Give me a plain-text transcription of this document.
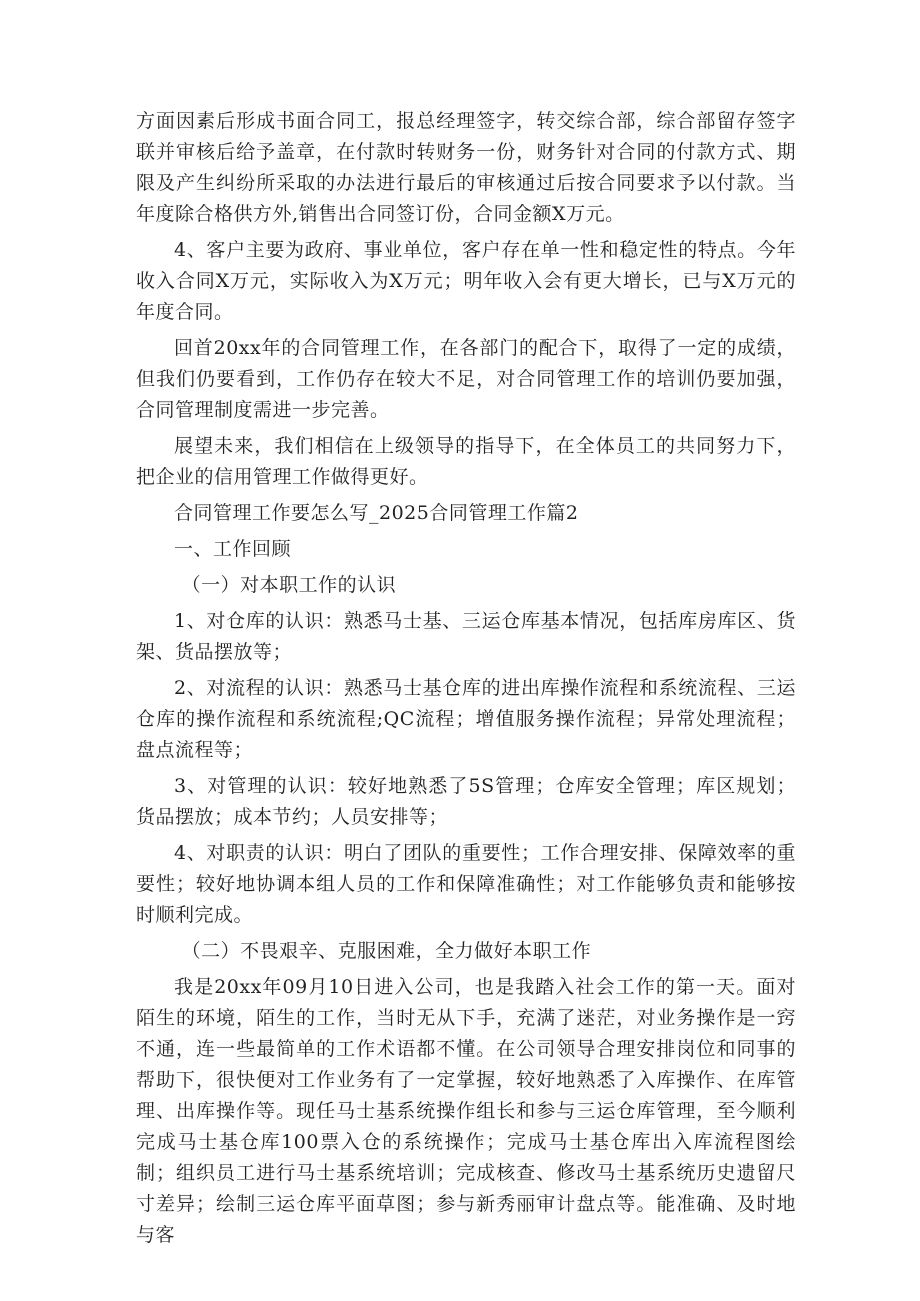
方面因素后形成书面合同工，报总经理签字，转交综合部，综合部留存签字联并审核后给予盖章，在付款时转财务一份，财务针对合同的付款方式、期限及产生纠纷所采取的办法进行最后的审核通过后按合同要求予以付款。当年度除合格供方外,销售出合同签订份，合同金额X万元。

4、客户主要为政府、事业单位，客户存在单一性和稳定性的特点。今年收入合同X万元，实际收入为X万元；明年收入会有更大增长，已与X万元的年度合同。

回首20xx年的合同管理工作，在各部门的配合下，取得了一定的成绩，但我们仍要看到，工作仍存在较大不足，对合同管理工作的培训仍要加强，合同管理制度需进一步完善。

展望未来，我们相信在上级领导的指导下，在全体员工的共同努力下，把企业的信用管理工作做得更好。

合同管理工作要怎么写_2025合同管理工作篇2

一、工作回顾

（一）对本职工作的认识

1、对仓库的认识：熟悉马士基、三运仓库基本情况，包括库房库区、货架、货品摆放等；

2、对流程的认识：熟悉马士基仓库的进出库操作流程和系统流程、三运仓库的操作流程和系统流程;QC流程；增值服务操作流程；异常处理流程；盘点流程等；

3、对管理的认识：较好地熟悉了5S管理；仓库安全管理；库区规划；货品摆放；成本节约；人员安排等；

4、对职责的认识：明白了团队的重要性；工作合理安排、保障效率的重要性；较好地协调本组人员的工作和保障准确性；对工作能够负责和能够按时顺利完成。

（二）不畏艰辛、克服困难，全力做好本职工作

我是20xx年09月10日进入公司，也是我踏入社会工作的第一天。面对陌生的环境，陌生的工作，当时无从下手，充满了迷茫，对业务操作是一窍不通，连一些最简单的工作术语都不懂。在公司领导合理安排岗位和同事的帮助下，很快便对工作业务有了一定掌握，较好地熟悉了入库操作、在库管理、出库操作等。现任马士基系统操作组长和参与三运仓库管理，至今顺利完成马士基仓库100票入仓的系统操作；完成马士基仓库出入库流程图绘制；组织员工进行马士基系统培训；完成核查、修改马士基系统历史遗留尺寸差异；绘制三运仓库平面草图；参与新秀丽审计盘点等。能准确、及时地与客
